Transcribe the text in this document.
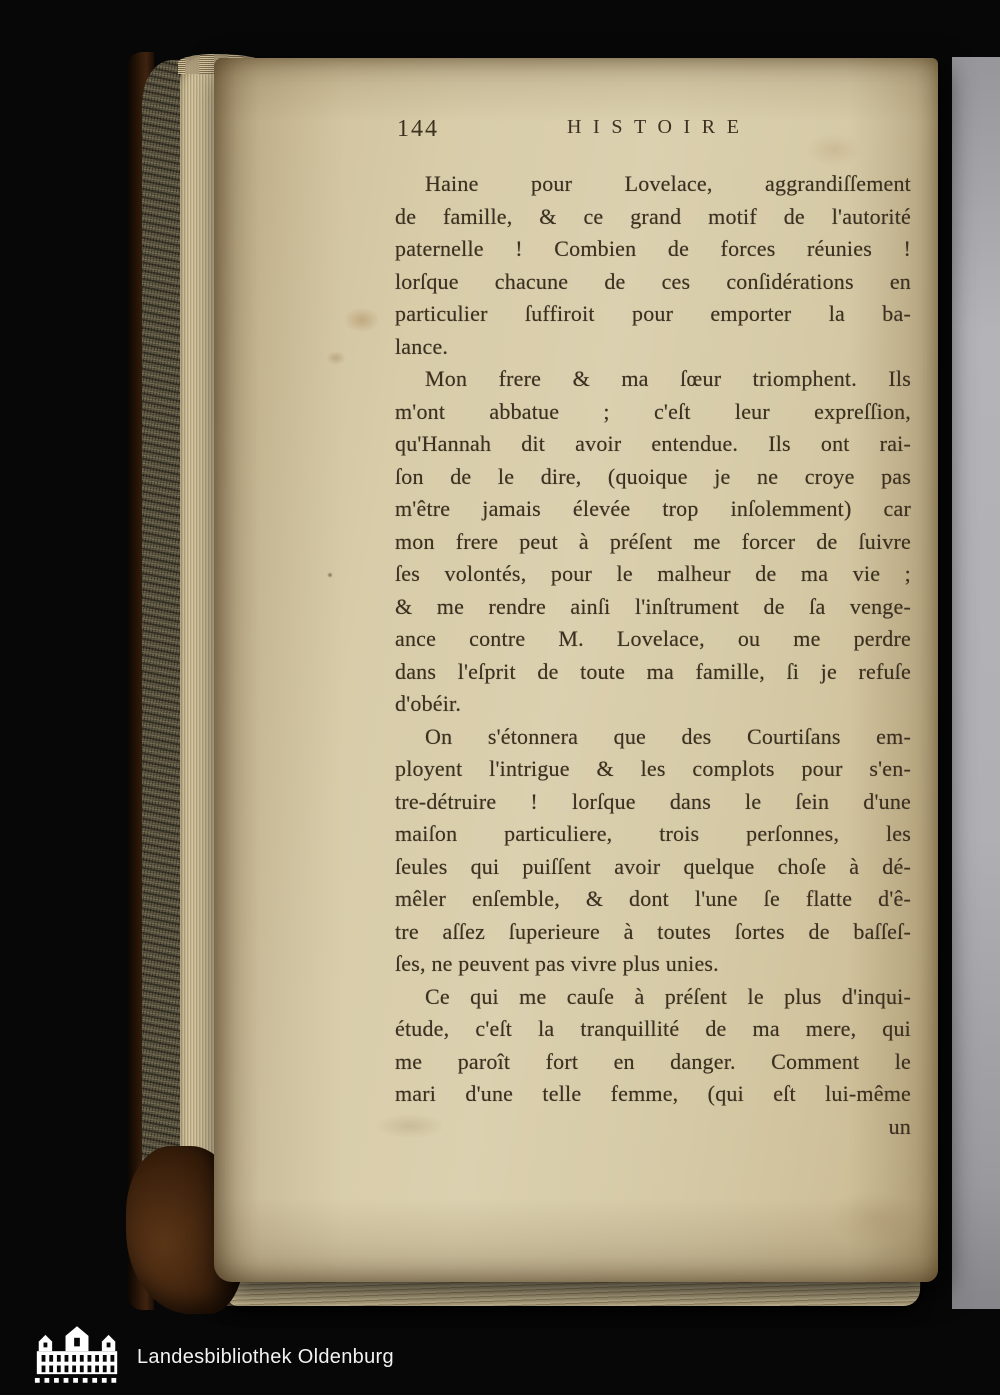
144	HISTOIRE
Haine pour Lovelace, aggrandiſſement
de famille, & ce grand motif de l'autorité
paternelle ! Combien de forces réunies !
lorſque chacune de ces conſidérations en
particulier ſuffiroit pour emporter la ba-
lance.
Mon frere & ma ſœur triomphent. Ils
m'ont abbatue ; c'eſt leur expreſſion,
qu'Hannah dit avoir entendue. Ils ont rai-
ſon de le dire, (quoique je ne croye pas
m'être jamais élevée trop inſolemment) car
mon frere peut à préſent me forcer de ſuivre
ſes volontés, pour le malheur de ma vie ;
& me rendre ainſi l'inſtrument de ſa venge-
ance contre M. Lovelace, ou me perdre
dans l'eſprit de toute ma famille, ſi je refuſe
d'obéir.
On s'étonnera que des Courtiſans em-
ployent l'intrigue & les complots pour s'en-
tre-détruire ! lorſque dans le ſein d'une
maiſon particuliere, trois perſonnes, les
ſeules qui puiſſent avoir quelque choſe à dé-
mêler enſemble, & dont l'une ſe flatte d'ê-
tre aſſez ſuperieure à toutes ſortes de baſſeſ-
ſes, ne peuvent pas vivre plus unies.
Ce qui me cauſe à préſent le plus d'inqui-
étude, c'eſt la tranquillité de ma mere, qui
me paroît fort en danger. Comment le
mari d'une telle femme, (qui eſt lui-même
un
Landesbibliothek Oldenburg
